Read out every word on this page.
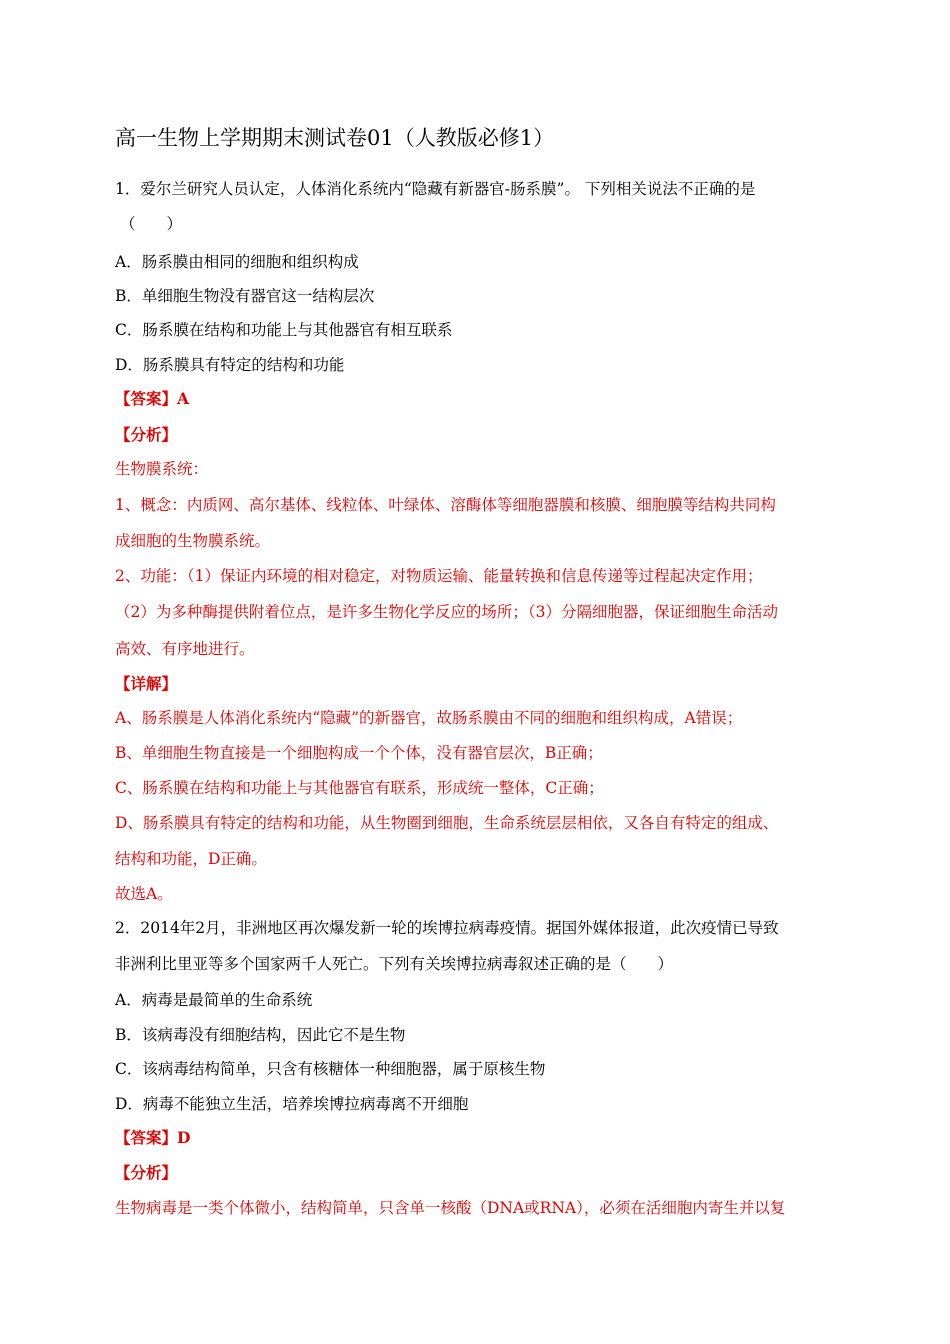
高一生物上学期期末测试卷01（人教版必修1）
1．爱尔兰研究人员认定，人体消化系统内“隐藏有新器官-肠系膜”。 下列相关说法不正确的是
（　　）
A．肠系膜由相同的细胞和组织构成
B．单细胞生物没有器官这一结构层次
C．肠系膜在结构和功能上与其他器官有相互联系
D．肠系膜具有特定的结构和功能
【答案】A
【分析】
生物膜系统：
1、概念：内质网、高尔基体、线粒体、叶绿体、溶酶体等细胞器膜和核膜、细胞膜等结构共同构
成细胞的生物膜系统。
2、功能：（1）保证内环境的相对稳定，对物质运输、能量转换和信息传递等过程起决定作用；
（2）为多种酶提供附着位点，是许多生物化学反应的场所；（3）分隔细胞器，保证细胞生命活动
高效、有序地进行。
【详解】
A、肠系膜是人体消化系统内“隐藏”的新器官，故肠系膜由不同的细胞和组织构成，A错误；
B、单细胞生物直接是一个细胞构成一个个体，没有器官层次，B正确；
C、肠系膜在结构和功能上与其他器官有联系，形成统一整体，C正确；
D、肠系膜具有特定的结构和功能，从生物圈到细胞，生命系统层层相依，又各自有特定的组成、
结构和功能，D正确。
故选A。
2．2014年2月，非洲地区再次爆发新一轮的埃博拉病毒疫情。据国外媒体报道，此次疫情已导致
非洲利比里亚等多个国家两千人死亡。下列有关埃博拉病毒叙述正确的是（　　）
A．病毒是最简单的生命系统
B．该病毒没有细胞结构，因此它不是生物
C．该病毒结构简单，只含有核糖体一种细胞器，属于原核生物
D．病毒不能独立生活，培养埃博拉病毒离不开细胞
【答案】D
【分析】
生物病毒是一类个体微小，结构简单，只含单一核酸（DNA或RNA），必须在活细胞内寄生并以复
